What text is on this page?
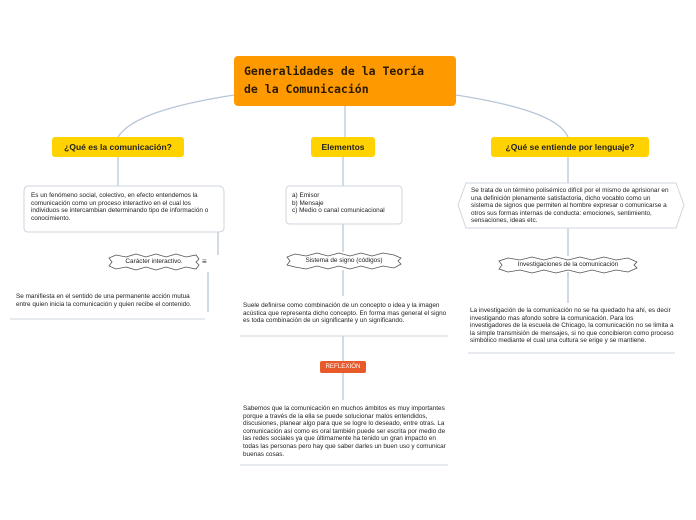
Generalidades de la Teoría
de la Comunicación
¿Qué es la comunicación?
Es un fenómeno social, colectivo, en efecto entendemos la comunicación como un proceso interactivo en el cual los individuos se intercambian determinando tipo de información o conocimiento.
Carácter interactivo.	≡
Se manifiesta en el sentido de una permanente acción mutua entre quien inicia la comunicación y quien recibe el contenido.
Elementos
a) Emisor
b) Mensaje
c) Medio o canal comunicacional
Sistema de signo (códigos)
Suele definirse como combinación de un concepto o idea y la imagen acústica que representa dicho concepto. En forma mas general el signo es toda combinación de un significante y un significando.
REFLEXIÓN
Sabemos que la comunicación en muchos ámbitos es muy importantes porque a través de la ella se puede solucionar malos entendidos, discusiones, planear algo para que se logre lo deseado, entre otras. La comunicación así como es oral también puede ser escrita por medio de las redes sociales ya que últimamente ha tenido un gran impacto en todas las personas pero hay que saber darles un buen uso y comunicar buenas cosas.
¿Qué se entiende por lenguaje?
Se trata de un término polisémico difícil por el mismo de aprisionar en una definición plenamente satisfactoria, dicho vocablo como un sistema de signos que permiten al hombre expresar o comunicarse a otros sus formas internas de conducta: emociones, sentimiento, sensaciones, ideas etc.
Investigaciones de la comunicación
La investigación de la comunicación no se ha quedado ha ahí, es decir investigando mas afondo sobre la comunicación. Para los investigadores de la escuela de Chicago, la comunicación no se limita a la simple transmisión de mensajes, si no que concibieron como proceso simbólico mediante el cual una cultura se erige y se mantiene.
